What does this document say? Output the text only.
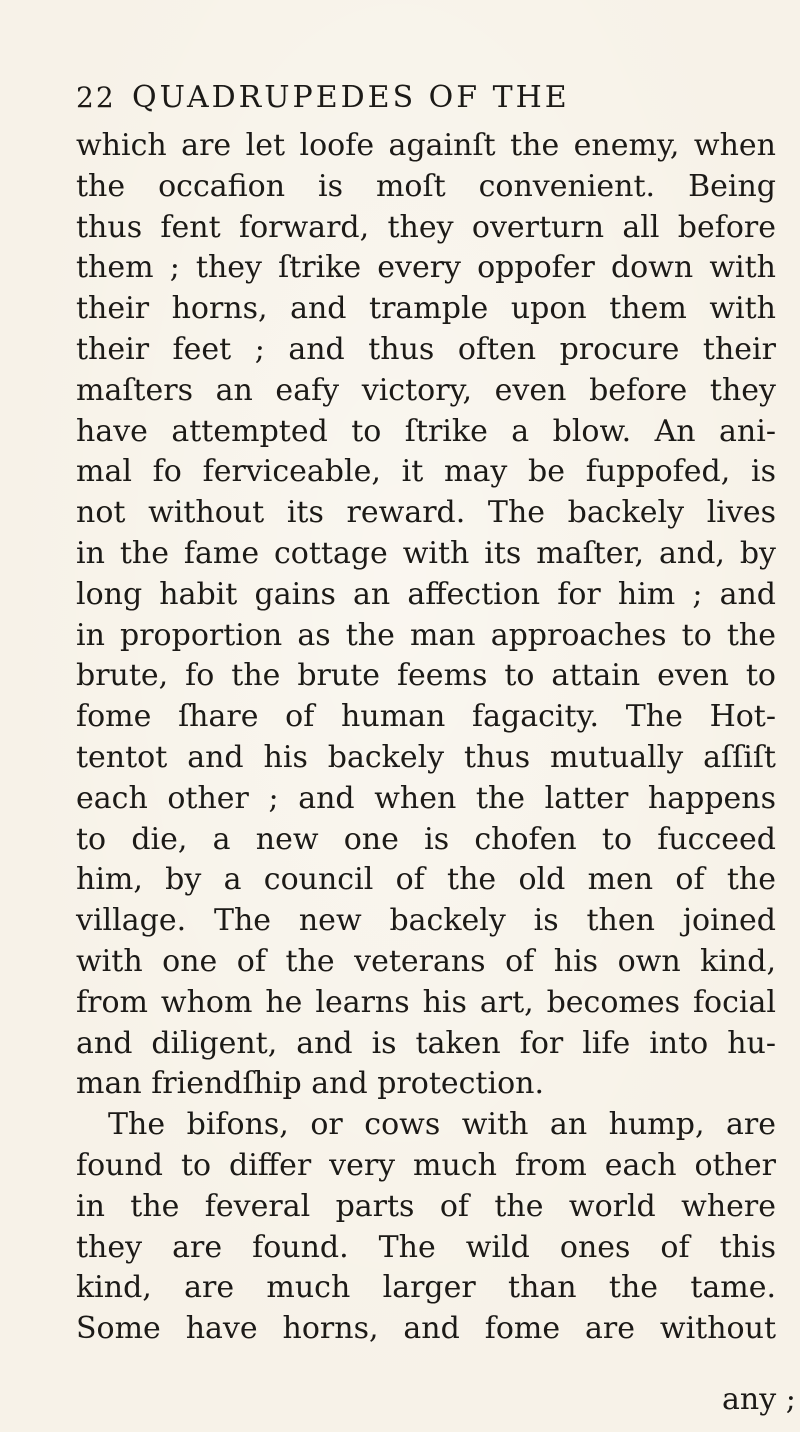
22 QUADRUPEDES OF THE
which are let loofe againſt the enemy, when
the occafion is moſt convenient. Being
thus fent forward, they overturn all before
them ; they ſtrike every oppofer down with
their horns, and trample upon them with
their feet ; and thus often procure their
maſters an eafy victory, even before they
have attempted to ſtrike a blow. An ani-
mal fo ferviceable, it may be fuppofed, is
not without its reward. The backely lives
in the fame cottage with its maſter, and, by
long habit gains an affection for him ; and
in proportion as the man approaches to the
brute, fo the brute feems to attain even to
fome ſhare of human fagacity. The Hot-
tentot and his backely thus mutually aſſiſt
each other ; and when the latter happens
to die, a new one is chofen to fucceed
him, by a council of the old men of the
village. The new backely is then joined
with one of the veterans of his own kind,
from whom he learns his art, becomes focial
and diligent, and is taken for life into hu-
man friendſhip and protection.
The bifons, or cows with an hump, are
found to differ very much from each other
in the feveral parts of the world where
they are found. The wild ones of this
kind, are much larger than the tame.
Some have horns, and fome are without
any ;
